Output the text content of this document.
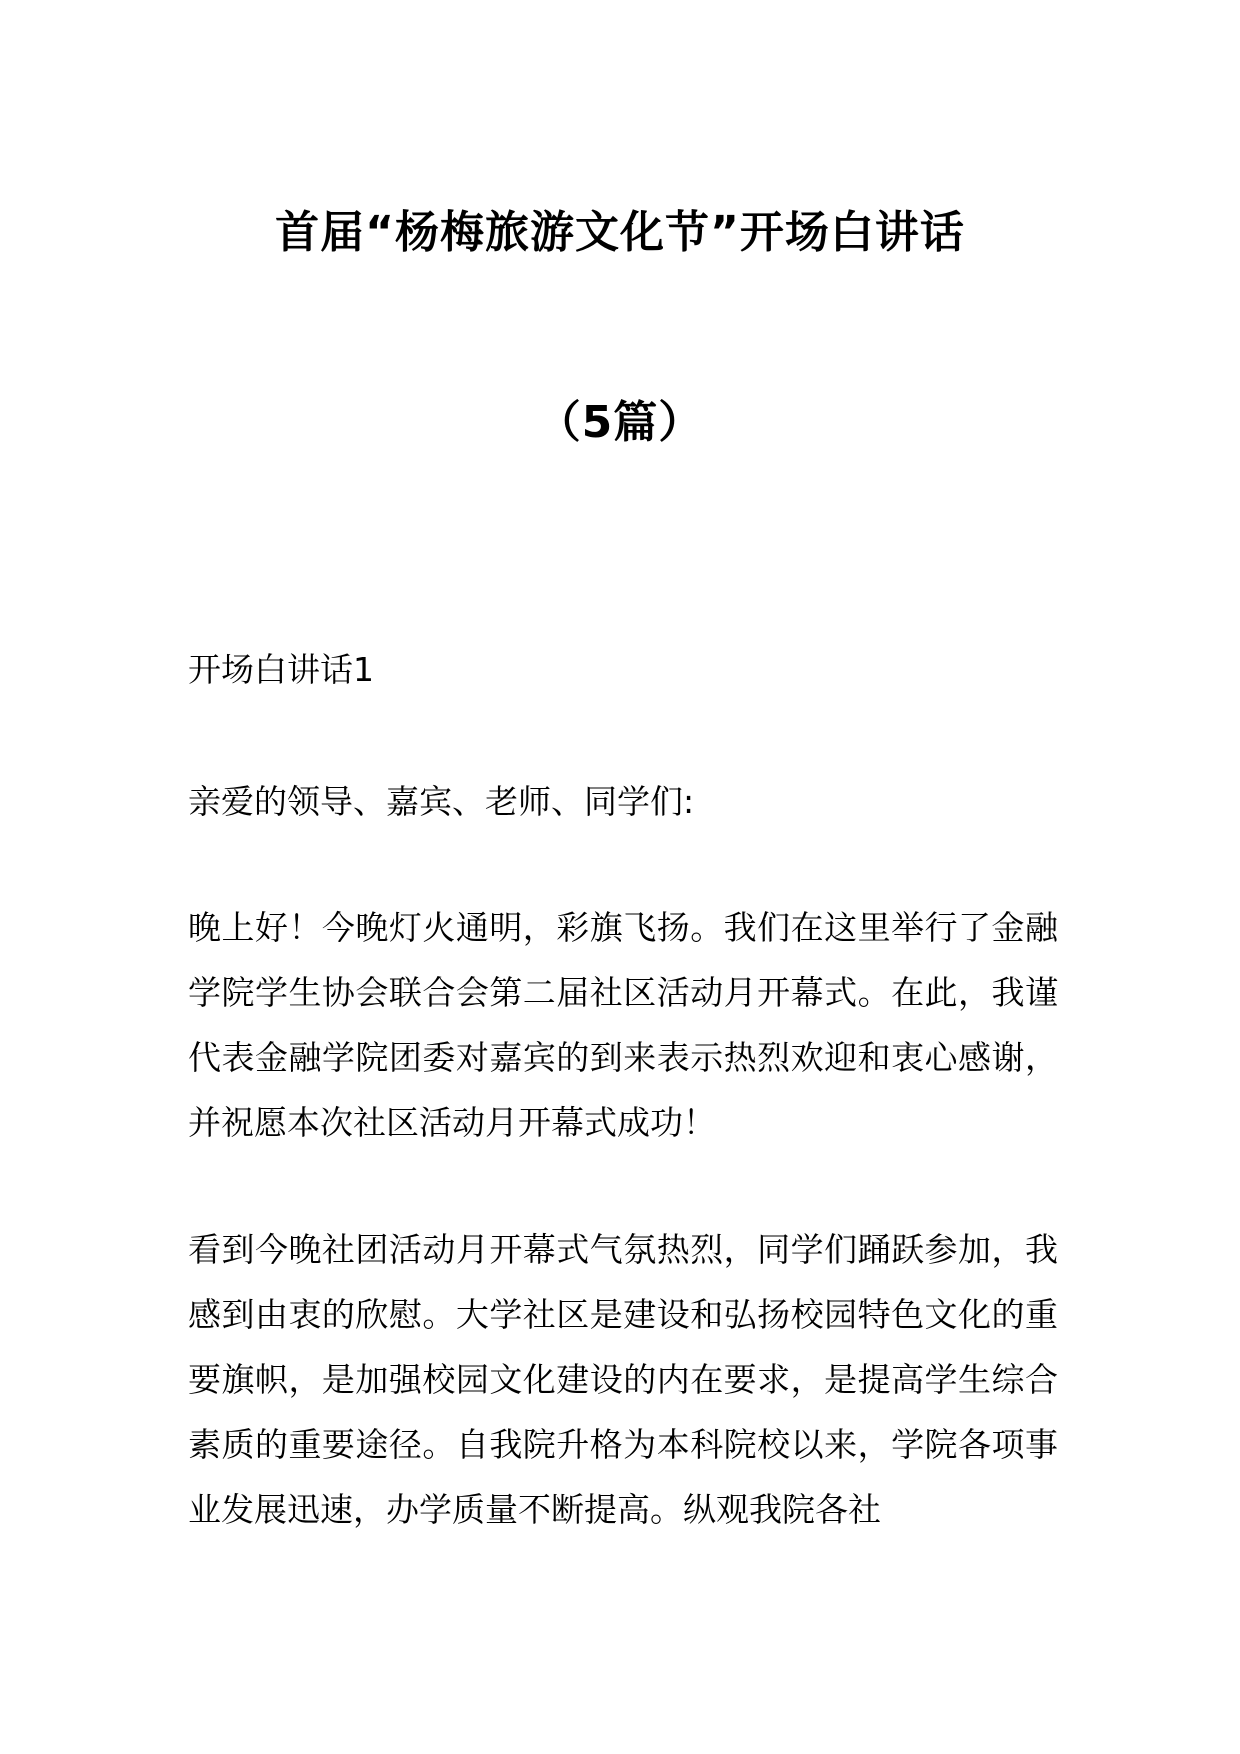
首届“杨梅旅游文化节”开场白讲话
（5篇）
开场白讲话1
亲爱的领导、嘉宾、老师、同学们:
晚上好！今晚灯火通明，彩旗飞扬。我们在这里举行了金融学院学生协会联合会第二届社区活动月开幕式。在此，我谨代表金融学院团委对嘉宾的到来表示热烈欢迎和衷心感谢，并祝愿本次社区活动月开幕式成功！
看到今晚社团活动月开幕式气氛热烈，同学们踊跃参加，我感到由衷的欣慰。大学社区是建设和弘扬校园特色文化的重要旗帜，是加强校园文化建设的内在要求，是提高学生综合素质的重要途径。自我院升格为本科院校以来，学院各项事业发展迅速，办学质量不断提高。纵观我院各社
